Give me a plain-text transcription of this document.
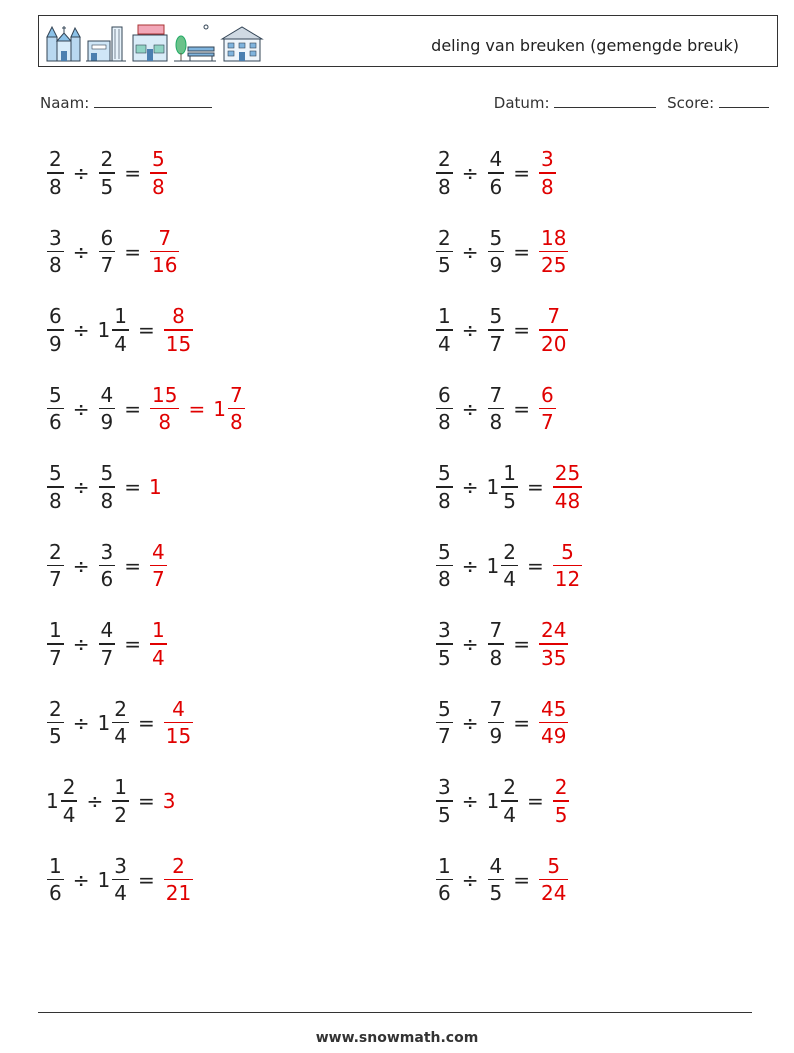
deling van breuken (gemengde breuk)
Naam:	Datum:	Score:
$\frac{2}{8} \div \frac{2}{5} = \frac{5}{8}$	$\frac{2}{8} \div \frac{4}{6} = \frac{3}{8}$
$\frac{3}{8} \div \frac{6}{7} = \frac{7}{16}$	$\frac{2}{5} \div \frac{5}{9} = \frac{18}{25}$
$\frac{6}{9} \div 1 \frac{1}{4} = \frac{8}{15}$	$\frac{1}{4} \div \frac{5}{7} = \frac{7}{20}$
$\frac{5}{6} \div \frac{4}{9} = \frac{15}{8} = 1 \frac{7}{8}$	$\frac{6}{8} \div \frac{7}{8} = \frac{6}{7}$
$\frac{5}{8} \div \frac{5}{8} = 1$	$\frac{5}{8} \div 1 \frac{1}{5} = \frac{25}{48}$
$\frac{2}{7} \div \frac{3}{6} = \frac{4}{7}$	$\frac{5}{8} \div 1 \frac{2}{4} = \frac{5}{12}$
$\frac{1}{7} \div \frac{4}{7} = \frac{1}{4}$	$\frac{3}{5} \div \frac{7}{8} = \frac{24}{35}$
$\frac{2}{5} \div 1 \frac{2}{4} = \frac{4}{15}$	$\frac{5}{7} \div \frac{7}{9} = \frac{45}{49}$
$1 \frac{2}{4} \div \frac{1}{2} = 3$	$\frac{3}{5} \div 1 \frac{2}{4} = \frac{2}{5}$
$\frac{1}{6} \div 1 \frac{3}{4} = \frac{2}{21}$	$\frac{1}{6} \div \frac{4}{5} = \frac{5}{24}$
www.snowmath.com
